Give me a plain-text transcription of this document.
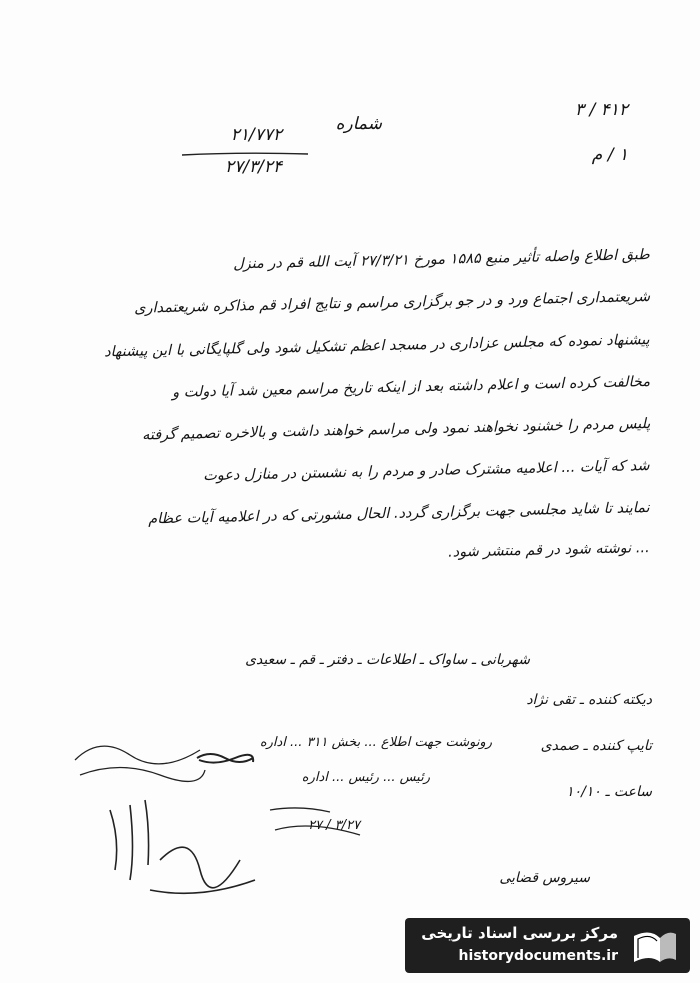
۴۱۲ / ۳
۱ / م
شماره
۲۱/۷۷۲
۲۷/۳/۲۴
طبق اطلاع واصله تأثیر منبع ۱۵۸۵ مورخ ۲۷/۳/۲۱ آیت الله قم در منزل
شریعتمداری اجتماع ورد و در جو برگزاری مراسم و نتایج افراد قم مذاکره شریعتمداری
پیشنهاد نموده که مجلس عزاداری در مسجد اعظم تشکیل شود ولی گلپایگانی با این پیشنهاد
مخالفت کرده است و اعلام داشته بعد از اینکه تاریخ مراسم معین شد آیا دولت و
پلیس مردم را خشنود نخواهند نمود ولی مراسم خواهند داشت و بالاخره تصمیم گرفته
شد که آیات ... اعلامیه مشترک صادر و مردم را به نشستن در منازل دعوت
نمایند تا شاید مجلسی جهت برگزاری گردد. الحال مشورتی که در اعلامیه آیات عظام
... نوشته شود در قم منتشر شود.
شهربانی ـ ساواک ـ اطلاعات ـ دفتر ـ قم ـ سعیدی
دیکته کننده ـ تقی نژاد
تایپ کننده ـ صمدی
ساعت ـ ۱۰/۱۰
رونوشت جهت اطلاع ... بخش ۳۱۱ ... اداره
رئیس ... رئیس ... اداره
۳/۲۷ / ۲۷
سیروس قضایی
مرکز بررسی اسناد تاریخی
historydocuments.ir
